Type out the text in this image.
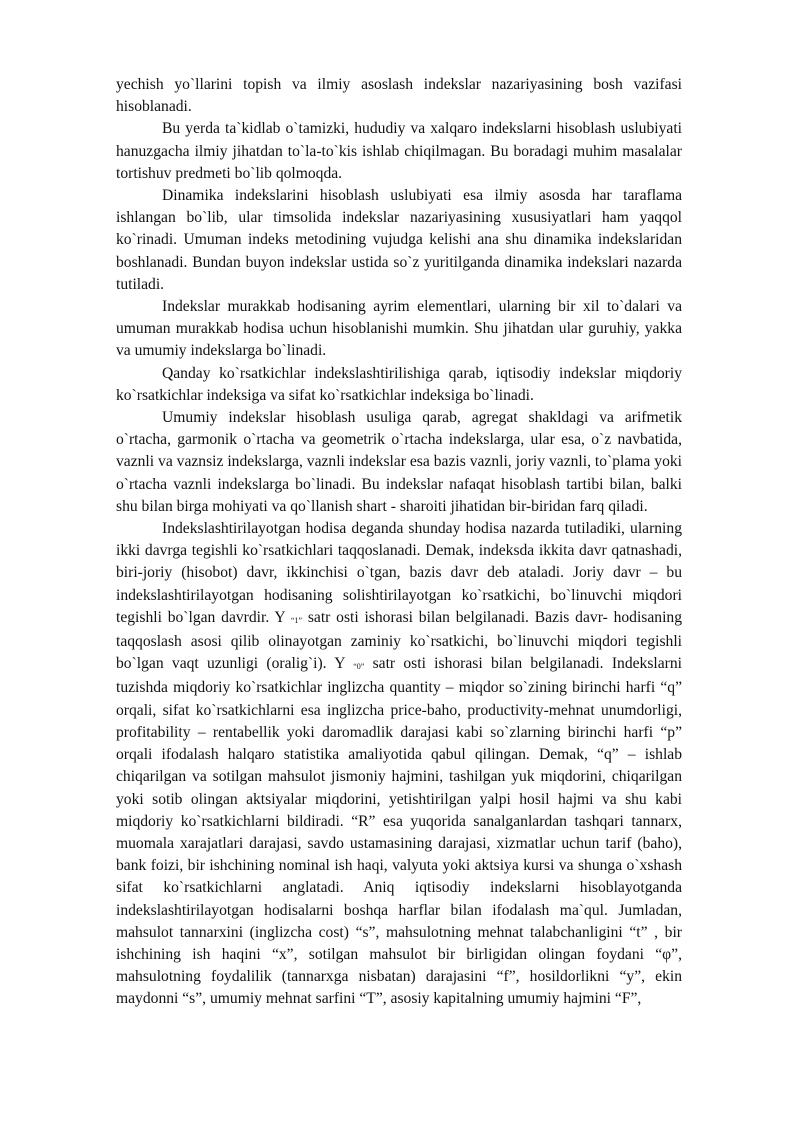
yechish yo`llarini topish va ilmiy asoslash indekslar nazariyasining bosh vazifasi hisoblanadi.

Bu yerda ta`kidlab o`tamizki, hududiy va xalqaro indekslarni hisoblash uslubiyati hanuzgacha ilmiy jihatdan to`la-to`kis ishlab chiqilmagan. Bu boradagi muhim masalalar tortishuv predmeti bo`lib qolmoqda.

Dinamika indekslarini hisoblash uslubiyati esa ilmiy asosda har taraflama ishlangan bo`lib, ular timsolida indekslar nazariyasining xususiyatlari ham yaqqol ko`rinadi. Umuman indeks metodining vujudga kelishi ana shu dinamika indekslaridan boshlanadi. Bundan buyon indekslar ustida so`z yuritilganda dinamika indekslari nazarda tutiladi.

Indekslar murakkab hodisaning ayrim elementlari, ularning bir xil to`dalari va umuman murakkab hodisa uchun hisoblanishi mumkin. Shu jihatdan ular guruhiy, yakka va umumiy indekslarga bo`linadi.

Qanday ko`rsatkichlar indekslashtirilishiga qarab, iqtisodiy indekslar miqdoriy ko`rsatkichlar indeksiga va sifat ko`rsatkichlar indeksiga bo`linadi.

Umumiy indekslar hisoblash usuliga qarab, agregat shakldagi va arifmetik o`rtacha, garmonik o`rtacha va geometrik o`rtacha indekslarga, ular esa, o`z navbatida, vaznli va vaznsiz indekslarga, vaznli indekslar esa bazis vaznli, joriy vaznli, to`plama yoki o`rtacha vaznli indekslarga bo`linadi. Bu indekslar nafaqat hisoblash tartibi bilan, balki shu bilan birga mohiyati va qo`llanish shart - sharoiti jihatidan bir-biridan farq qiladi.

Indekslashtirilayotgan hodisa deganda shunday hodisa nazarda tutiladiki, ularning ikki davrga tegishli ko`rsatkichlari taqqoslanadi. Demak, indeksda ikkita davr qatnashadi, biri-joriy (hisobot) davr, ikkinchisi o`tgan, bazis davr deb ataladi. Joriy davr – bu indekslashtirilayotgan hodisaning solishtirilayotgan ko`rsatkichi, bo`linuvchi miqdori tegishli bo`lgan davrdir. Y “1” satr osti ishorasi bilan belgilanadi. Bazis davr- hodisaning taqqoslash asosi qilib olinayotgan zaminiy ko`rsatkichi, bo`linuvchi miqdori tegishli bo`lgan vaqt uzunligi (oralig`i). Y “0” satr osti ishorasi bilan belgilanadi. Indekslarni tuzishda miqdoriy ko`rsatkichlar inglizcha quantity – miqdor so`zining birinchi harfi “q” orqali, sifat ko`rsatkichlarni esa inglizcha price-baho, productivity-mehnat unumdorligi, profitability – rentabellik yoki daromadlik darajasi kabi so`zlarning birinchi harfi “p” orqali ifodalash halqaro statistika amaliyotida qabul qilingan. Demak, “q” – ishlab chiqarilgan va sotilgan mahsulot jismoniy hajmini, tashilgan yuk miqdorini, chiqarilgan yoki sotib olingan aktsiyalar miqdorini, yetishtirilgan yalpi hosil hajmi va shu kabi miqdoriy ko`rsatkichlarni bildiradi. “R” esa yuqorida sanalganlardan tashqari tannarx, muomala xarajatlari darajasi, savdo ustamasining darajasi, xizmatlar uchun tarif (baho), bank foizi, bir ishchining nominal ish haqi, valyuta yoki aktsiya kursi va shunga o`xshash sifat ko`rsatkichlarni anglatadi. Aniq iqtisodiy indekslarni hisoblayotganda indekslashtirilayotgan hodisalarni boshqa harflar bilan ifodalash ma`qul. Jumladan, mahsulot tannarxini (inglizcha cost) “s”, mahsulotning mehnat talabchanligini “t” , bir ishchining ish haqini “x”, sotilgan mahsulot bir birligidan olingan foydani “φ”, mahsulotning foydalilik (tannarxga nisbatan) darajasini “f”, hosildorlikni “y”, ekin maydonni “s”, umumiy mehnat sarfini “T”, asosiy kapitalning umumiy hajmini “F”,
